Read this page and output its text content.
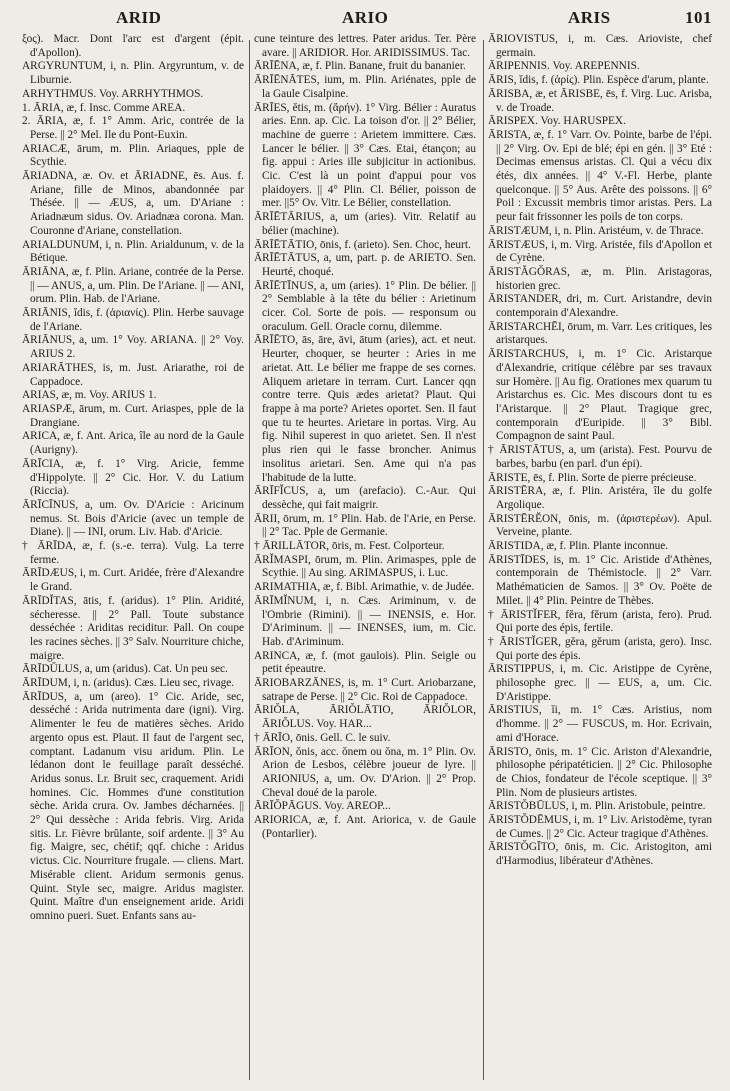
ARID	ARIO	ARIS	101

ξος). Macr. Dont l'arc est d'argent (épit. d'Apollon).

ARGYRUNTUM, i, n. Plin. Argyruntum, v. de Liburnie.

ARHYTHMUS. Voy. ARRHYTHMOS.

1. ĀRIA, æ, f. Insc. Comme AREA.

2. ĀRIA, æ, f. 1° Amm. Aric, contrée de la Perse. || 2° Mel. Ile du Pont-Euxin.

ARIACÆ, ārum, m. Plin. Ariaques, pple de Scythie.

ĀRIADNA, æ. Ov. et ĀRIADNE, ēs. Aus. f. Ariane, fille de Minos, abandonnée par Thésée. || — ÆUS, a, um. D'Ariane : Ariadnæum sidus. Ov. Ariadnæa corona. Man. Couronne d'Ariane, constellation.

ARIALDUNUM, i, n. Plin. Arialdunum, v. de la Bétique.

ĀRIĀNA, æ, f. Plin. Ariane, contrée de la Perse. || — ANUS, a, um. Plin. De l'Ariane. || — ANI, orum. Plin. Hab. de l'Ariane.

ĀRIĀNIS, ĭdis, f. (ἀριανίς). Plin. Herbe sauvage de l'Ariane.

ĀRIĀNUS, a, um. 1° Voy. ARIANA. || 2° Voy. ARIUS 2.

ARIARĀTHES, is, m. Just. Ariarathe, roi de Cappadoce.

ARIAS, æ, m. Voy. ARIUS 1.

ARIASPÆ, ārum, m. Curt. Ariaspes, pple de la Drangiane.

ARICA, æ, f. Ant. Arica, île au nord de la Gaule (Aurigny).

ĀRĪCIA, æ, f. 1° Virg. Aricie, femme d'Hippolyte. || 2° Cic. Hor. V. du Latium (Riccia).

ĀRĪCĪNUS, a, um. Ov. D'Aricie : Aricinum nemus. St. Bois d'Aricie (avec un temple de Diane). || — INI, orum. Liv. Hab. d'Aricie.

† ĀRĪDA, æ, f. (s.-e. terra). Vulg. La terre ferme.

ĀRĪDÆUS, i, m. Curt. Aridée, frère d'Alexandre le Grand.

ĀRĪDĬTAS, ātis, f. (aridus). 1° Plin. Aridité, sécheresse. || 2° Pall. Toute substance desséchée : Ariditas reciditur. Pall. On coupe les racines sèches. || 3° Salv. Nourriture chiche, maigre.

ĀRĪDŬLUS, a, um (aridus). Cat. Un peu sec.

ĀRĪDUM, i, n. (aridus). Cæs. Lieu sec, rivage.

ĀRĪDUS, a, um (areo). 1° Cic. Aride, sec, desséché : Arida nutrimenta dare (igni). Virg. Alimenter le feu de matières sèches. Arido argento opus est. Plaut. Il faut de l'argent sec, comptant. Ladanum visu aridum. Plin. Le lédanon dont le feuillage paraît desséché. Aridus sonus. Lr. Bruit sec, craquement. Aridi homines. Cic. Hommes d'une constitution sèche. Arida crura. Ov. Jambes décharnées. || 2° Qui dessèche : Arida febris. Virg. Arida sitis. Lr. Fièvre brûlante, soif ardente. || 3° Au fig. Maigre, sec, chétif; qqf. chiche : Aridus victus. Cic. Nourriture frugale. — cliens. Mart. Misérable client. Aridum sermonis genus. Quint. Style sec, maigre. Aridus magister. Quint. Maître d'un enseignement aride. Aridi omnino pueri. Suet. Enfants sans au-

cune teinture des lettres. Pater aridus. Ter. Père avare. || ARIDIOR. Hor. ARIDISSIMUS. Tac.

ĀRĪĒNA, æ, f. Plin. Banane, fruit du bananier.

ĀRĪĒNĀTES, ium, m. Plin. Ariénates, pple de la Gaule Cisalpine.

ĀRĪES, ĕtis, m. (ἄρήν). 1° Virg. Bélier : Auratus aries. Enn. ap. Cic. La toison d'or. || 2° Bélier, machine de guerre : Arietem immittere. Cæs. Lancer le bélier. || 3° Cæs. Etai, étançon; au fig. appui : Aries ille subjicitur in actionibus. Cic. C'est là un point d'appui pour vos plaidoyers. || 4° Plin. Cl. Bélier, poisson de mer. ||5° Ov. Vitr. Le Bélier, constellation.

ĀRĪĒTĀRIUS, a, um (aries). Vitr. Relatif au bélier (machine).

ĀRĪĒTĀTIO, ōnis, f. (arieto). Sen. Choc, heurt.

ĀRĪĒTĀTUS, a, um, part. p. de ARIETO. Sen. Heurté, choqué.

ĀRĪĒTĪNUS, a, um (aries). 1° Plin. De bélier. || 2° Semblable à la tête du bélier : Arietinum cicer. Col. Sorte de pois. — responsum ou oraculum. Gell. Oracle cornu, dilemme.

ĀRĪĒTO, ās, āre, āvi, ātum (aries), act. et neut. Heurter, choquer, se heurter : Aries in me arietat. Att. Le bélier me frappe de ses cornes. Aliquem arietare in terram. Curt. Lancer qqn contre terre. Quis ædes arietat? Plaut. Qui frappe à ma porte? Arietes oportet. Sen. Il faut que tu te heurtes. Arietare in portas. Virg. Au fig. Nihil superest in quo arietet. Sen. Il n'est plus rien qui le fasse broncher. Animus insolitus arietari. Sen. Ame qui n'a pas l'habitude de la lutte.

ĀRĪFĬCUS, a, um (arefacio). C.-Aur. Qui dessèche, qui fait maigrir.

ĀRII, ōrum, m. 1° Plin. Hab. de l'Arie, en Perse. || 2° Tac. Pple de Germanie.

† ĀRILLĀTOR, ōris, m. Fest. Colporteur.

ĀRĬMASPI, ōrum, m. Plin. Arimaspes, pple de Scythie. || Au sing. ARIMASPUS, i. Luc.

ARIMATHIA, æ, f. Bibl. Arimathie, v. de Judée.

ĀRĪMĬNUM, i, n. Cæs. Ariminum, v. de l'Ombrie (Rimini). || — INENSIS, e. Hor. D'Ariminum. || — INENSES, ium, m. Cic. Hab. d'Ariminum.

ARINCA, æ, f. (mot gaulois). Plin. Seigle ou petit épeautre.

ĀRIOBARZĀNES, is, m. 1° Curt. Ariobarzane, satrape de Perse. || 2° Cic. Roi de Cappadoce.

ĀRIŎLA, ĀRIŎLĀTIO, ĀRIŎLOR, ĀRIŎLUS. Voy. HAR...

† ĀRĪO, ōnis. Gell. C. le suiv.

ĀRĪON, ŏnis, acc. ŏnem ou ŏna, m. 1° Plin. Ov. Arion de Lesbos, célèbre joueur de lyre. || ARIONIUS, a, um. Ov. D'Arion. || 2° Prop. Cheval doué de la parole.

ĀRĪŎPĀGUS. Voy. AREOP...

ARIORICA, æ, f. Ant. Ariorica, v. de Gaule (Pontarlier).

ĀRIOVISTUS, i, m. Cæs. Arioviste, chef germain.

ĀRIPENNIS. Voy. AREPENNIS.

ĀRIS, ĭdis, f. (ἀρίς). Plin. Espèce d'arum, plante.

ĀRISBA, æ, et ĀRISBE, ēs, f. Virg. Luc. Arisba, v. de Troade.

ĀRISPEX. Voy. HARUSPEX.

ĀRISTA, æ, f. 1° Varr. Ov. Pointe, barbe de l'épi. || 2° Virg. Ov. Epi de blé; épi en gén. || 3° Eté : Decimas emensus aristas. Cl. Qui a vécu dix étés, dix années. || 4° V.-Fl. Herbe, plante quelconque. || 5° Aus. Arête des poissons. || 6° Poil : Excussit membris timor aristas. Pers. La peur fait frissonner les poils de ton corps.

ĀRISTÆUM, i, n. Plin. Aristéum, v. de Thrace.

ĀRISTÆUS, i, m. Virg. Aristée, fils d'Apollon et de Cyrène.

ĀRISTĂGŎRAS, æ, m. Plin. Aristagoras, historien grec.

ĀRISTANDER, dri, m. Curt. Aristandre, devin contemporain d'Alexandre.

ĀRISTARCHĒI, ōrum, m. Varr. Les critiques, les aristarques.

ĀRISTARCHUS, i, m. 1° Cic. Aristarque d'Alexandrie, critique célèbre par ses travaux sur Homère. || Au fig. Orationes mex quarum tu Aristarchus es. Cic. Mes discours dont tu es l'Aristarque. || 2° Plaut. Tragique grec, contemporain d'Euripide. || 3° Bibl. Compagnon de saint Paul.

† ĀRISTĀTUS, a, um (arista). Fest. Pourvu de barbes, barbu (en parl. d'un épi).

ĀRISTE, ēs, f. Plin. Sorte de pierre précieuse.

ĀRISTĒRA, æ, f. Plin. Aristéra, île du golfe Argolique.

ĀRISTĒRĔON, ōnis, m. (ἀριστερέων). Apul. Verveine, plante.

ĀRISTIDA, æ, f. Plin. Plante inconnue.

ĀRISTĪDES, is, m. 1° Cic. Aristide d'Athènes, contemporain de Thémistocle. || 2° Varr. Mathématicien de Samos. || 3° Ov. Poëte de Milet. || 4° Plin. Peintre de Thèbes.

† ĀRISTĬFER, fĕra, fĕrum (arista, fero). Prud. Qui porte des épis, fertile.

† ĀRISTĬGER, gĕra, gĕrum (arista, gero). Insc. Qui porte des épis.

ĀRISTIPPUS, i, m. Cic. Aristippe de Cyrène, philosophe grec. || — EUS, a, um. Cic. D'Aristippe.

ĀRISTIUS, ĭi, m. 1° Cæs. Aristius, nom d'homme. || 2° — FUSCUS, m. Hor. Ecrivain, ami d'Horace.

ĀRISTO, ōnis, m. 1° Cic. Ariston d'Alexandrie, philosophe péripatéticien. || 2° Cic. Philosophe de Chios, fondateur de l'école sceptique. || 3° Plin. Nom de plusieurs artistes.

ĀRISTŎBŪLUS, i, m. Plin. Aristobule, peintre.

ĀRISTŎDĒMUS, i, m. 1° Liv. Aristodème, tyran de Cumes. || 2° Cic. Acteur tragique d'Athènes.

ĀRISTŎGĪTO, ōnis, m. Cic. Aristogiton, ami d'Harmodius, libérateur d'Athènes.
